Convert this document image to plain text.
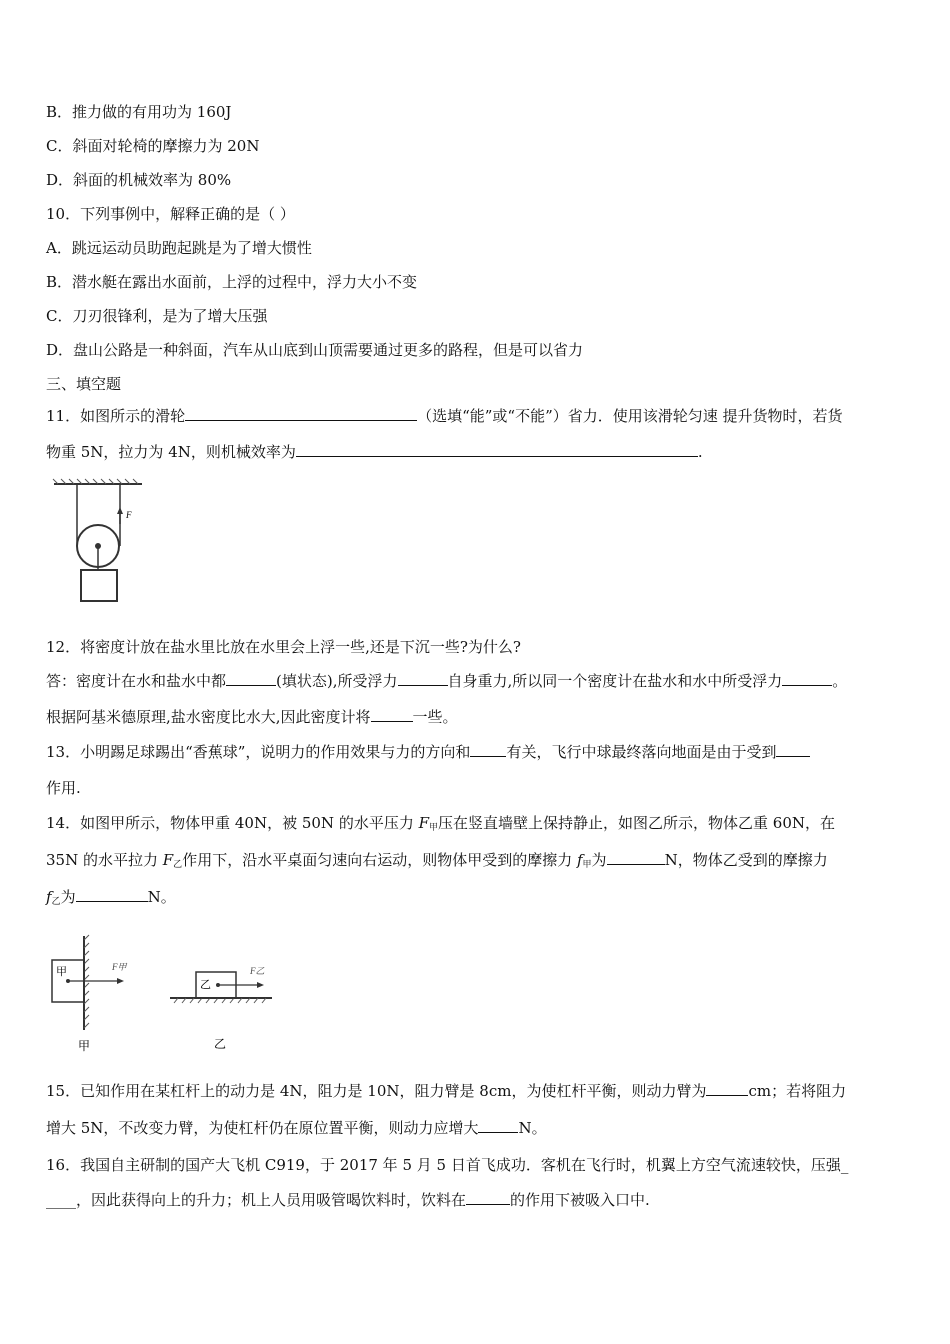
B．推力做的有用功为 160J
C．斜面对轮椅的摩擦力为 20N
D．斜面的机械效率为 80%
10．下列事例中，解释正确的是（ ）
A．跳远运动员助跑起跳是为了增大惯性
B．潜水艇在露出水面前，上浮的过程中，浮力大小不变
C．刀刃很锋利，是为了增大压强
D．盘山公路是一种斜面，汽车从山底到山顶需要通过更多的路程，但是可以省力
三、填空题
11．如图所示的滑轮	（选填“能”或“不能”）省力．使用该滑轮匀速 提升货物时，若货
物重 5N，拉力为 4N，则机械效率为	.
F
12．将密度计放在盐水里比放在水里会上浮一些,还是下沉一些?为什么?
答：密度计在水和盐水中都	(填状态),所受浮力	自身重力,所以同一个密度计在盐水和水中所受浮力	。
根据阿基米德原理,盐水密度比水大,因此密度计将	一些。
13．小明踢足球踢出“香蕉球”，说明力的作用效果与力的方向和 有关，飞行中球最终落向地面是由于受到
作用.
14．如图甲所示，物体甲重 40N，被 50N 的水平压力 $F_甲$压在竖直墙壁上保持静止，如图乙所示，物体乙重 60N，在
35N 的水平拉力 $F_乙$作用下，沿水平桌面匀速向右运动，则物体甲受到的摩擦力 $f_甲$为	N，物体乙受到的摩擦力
$f_乙$为	N。
甲	F甲
甲
乙
F乙
乙
15．已知作用在某杠杆上的动力是 4N，阻力是 10N，阻力臂是 8cm，为使杠杆平衡，则动力臂为	cm；若将阻力
增大 5N，不改变力臂，为使杠杆仍在原位置平衡，则动力应增大	N。
16．我国自主研制的国产大飞机 C919，于 2017 年 5 月 5 日首飞成功．客机在飞行时，机翼上方空气流速较快，压强_
____，因此获得向上的升力；机上人员用吸管喝饮料时，饮料在	的作用下被吸入口中.
